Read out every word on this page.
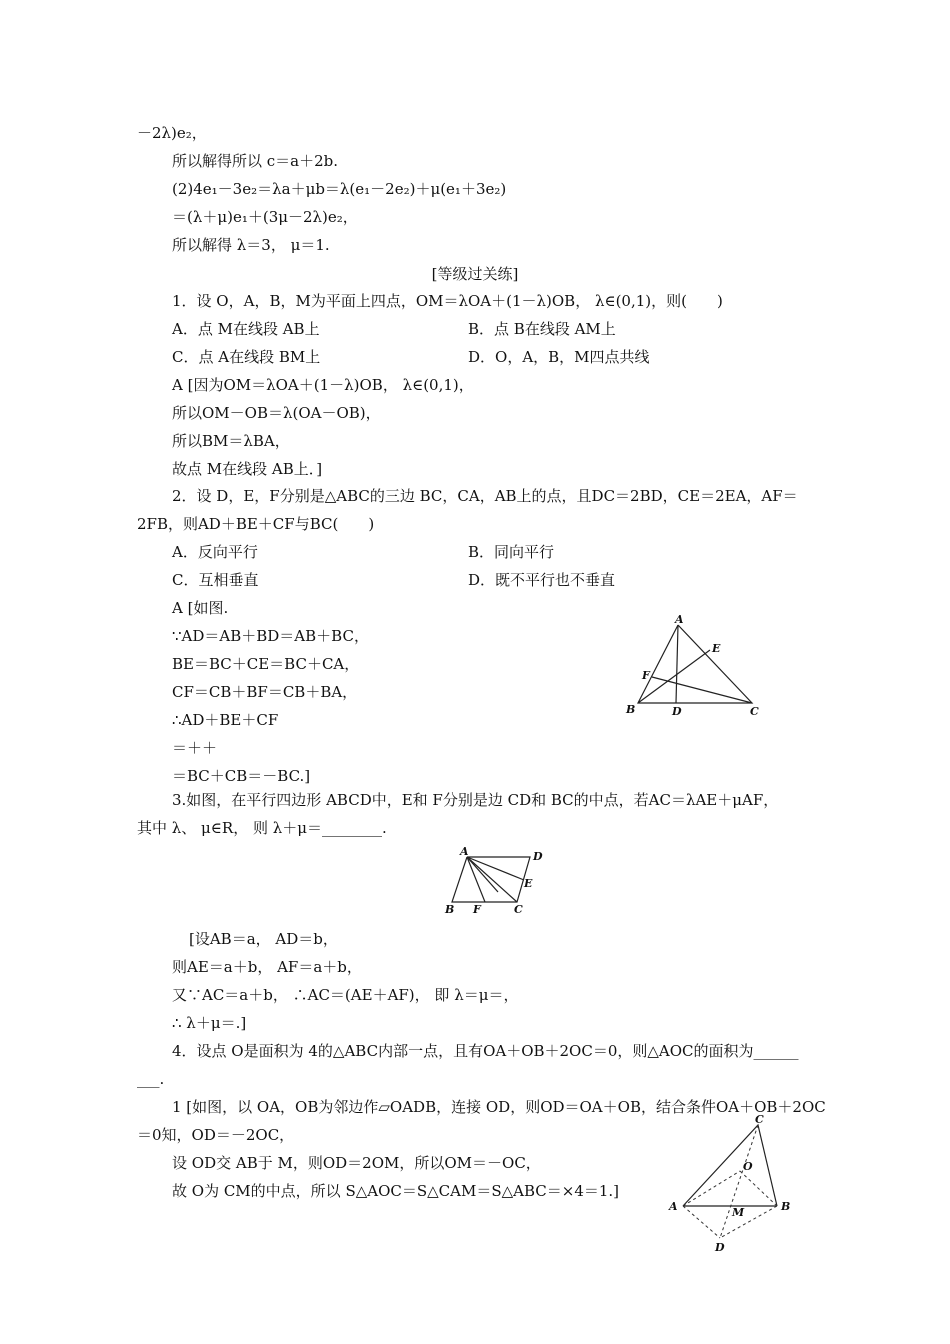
－2λ)e₂，
所以解得所以 c＝a＋2b.
(2)4e₁－3e₂＝λa＋μb＝λ(e₁－2e₂)＋μ(e₁＋3e₂)
＝(λ＋μ)e₁＋(3μ－2λ)e₂，
所以解得 λ＝3， μ＝1.
[等级过关练]
1．设 O，A，B，M为平面上四点，OM＝λOA＋(1－λ)OB， λ∈(0,1)，则(　　)
A．点 M在线段 AB上	B．点 B在线段 AM上
C．点 A在线段 BM上	D．O，A，B，M四点共线
A [因为OM＝λOA＋(1－λ)OB， λ∈(0,1)，
所以OM－OB＝λ(OA－OB)，
所以BM＝λBA，
故点 M在线段 AB上．]
2．设 D，E，F分别是△ABC的三边 BC，CA，AB上的点，且DC＝2BD，CE＝2EA，AF＝
2FB，则AD＋BE＋CF与BC(　　)
A．反向平行	B．同向平行
C．互相垂直	D．既不平行也不垂直
A [如图.
∵AD＝AB＋BD＝AB＋BC，
BE＝BC＋CE＝BC＋CA，
CF＝CB＋BF＝CB＋BA，
∴AD＋BE＋CF
＝＋＋
＝BC＋CB＝－BC.]
A
E
F
B	D	C
3.如图，在平行四边形 ABCD中，E和 F分别是边 CD和 BC的中点，若AC＝λAE＋μAF，
其中 λ、 μ∈R， 则 λ＋μ＝________.
A	D
E
B F	C
[设AB＝a， AD＝b，
则AE＝a＋b， AF＝a＋b，
又∵AC＝a＋b， ∴AC＝(AE＋AF)， 即 λ＝μ＝，
∴ λ＋μ＝.]
4．设点 O是面积为 4的△ABC内部一点，且有OA＋OB＋2OC＝0，则△AOC的面积为______
___.
1 [如图，以 OA，OB为邻边作▱OADB，连接 OD，则OD＝OA＋OB，结合条件OA＋OB＋2OC
＝0知，OD＝－2OC，
设 OD交 AB于 M，则OD＝2OM，所以OM＝－OC，
故 O为 CM的中点，所以 S△AOC＝S△CAM＝S△ABC＝×4＝1.]
C
O
A	M	B
D
